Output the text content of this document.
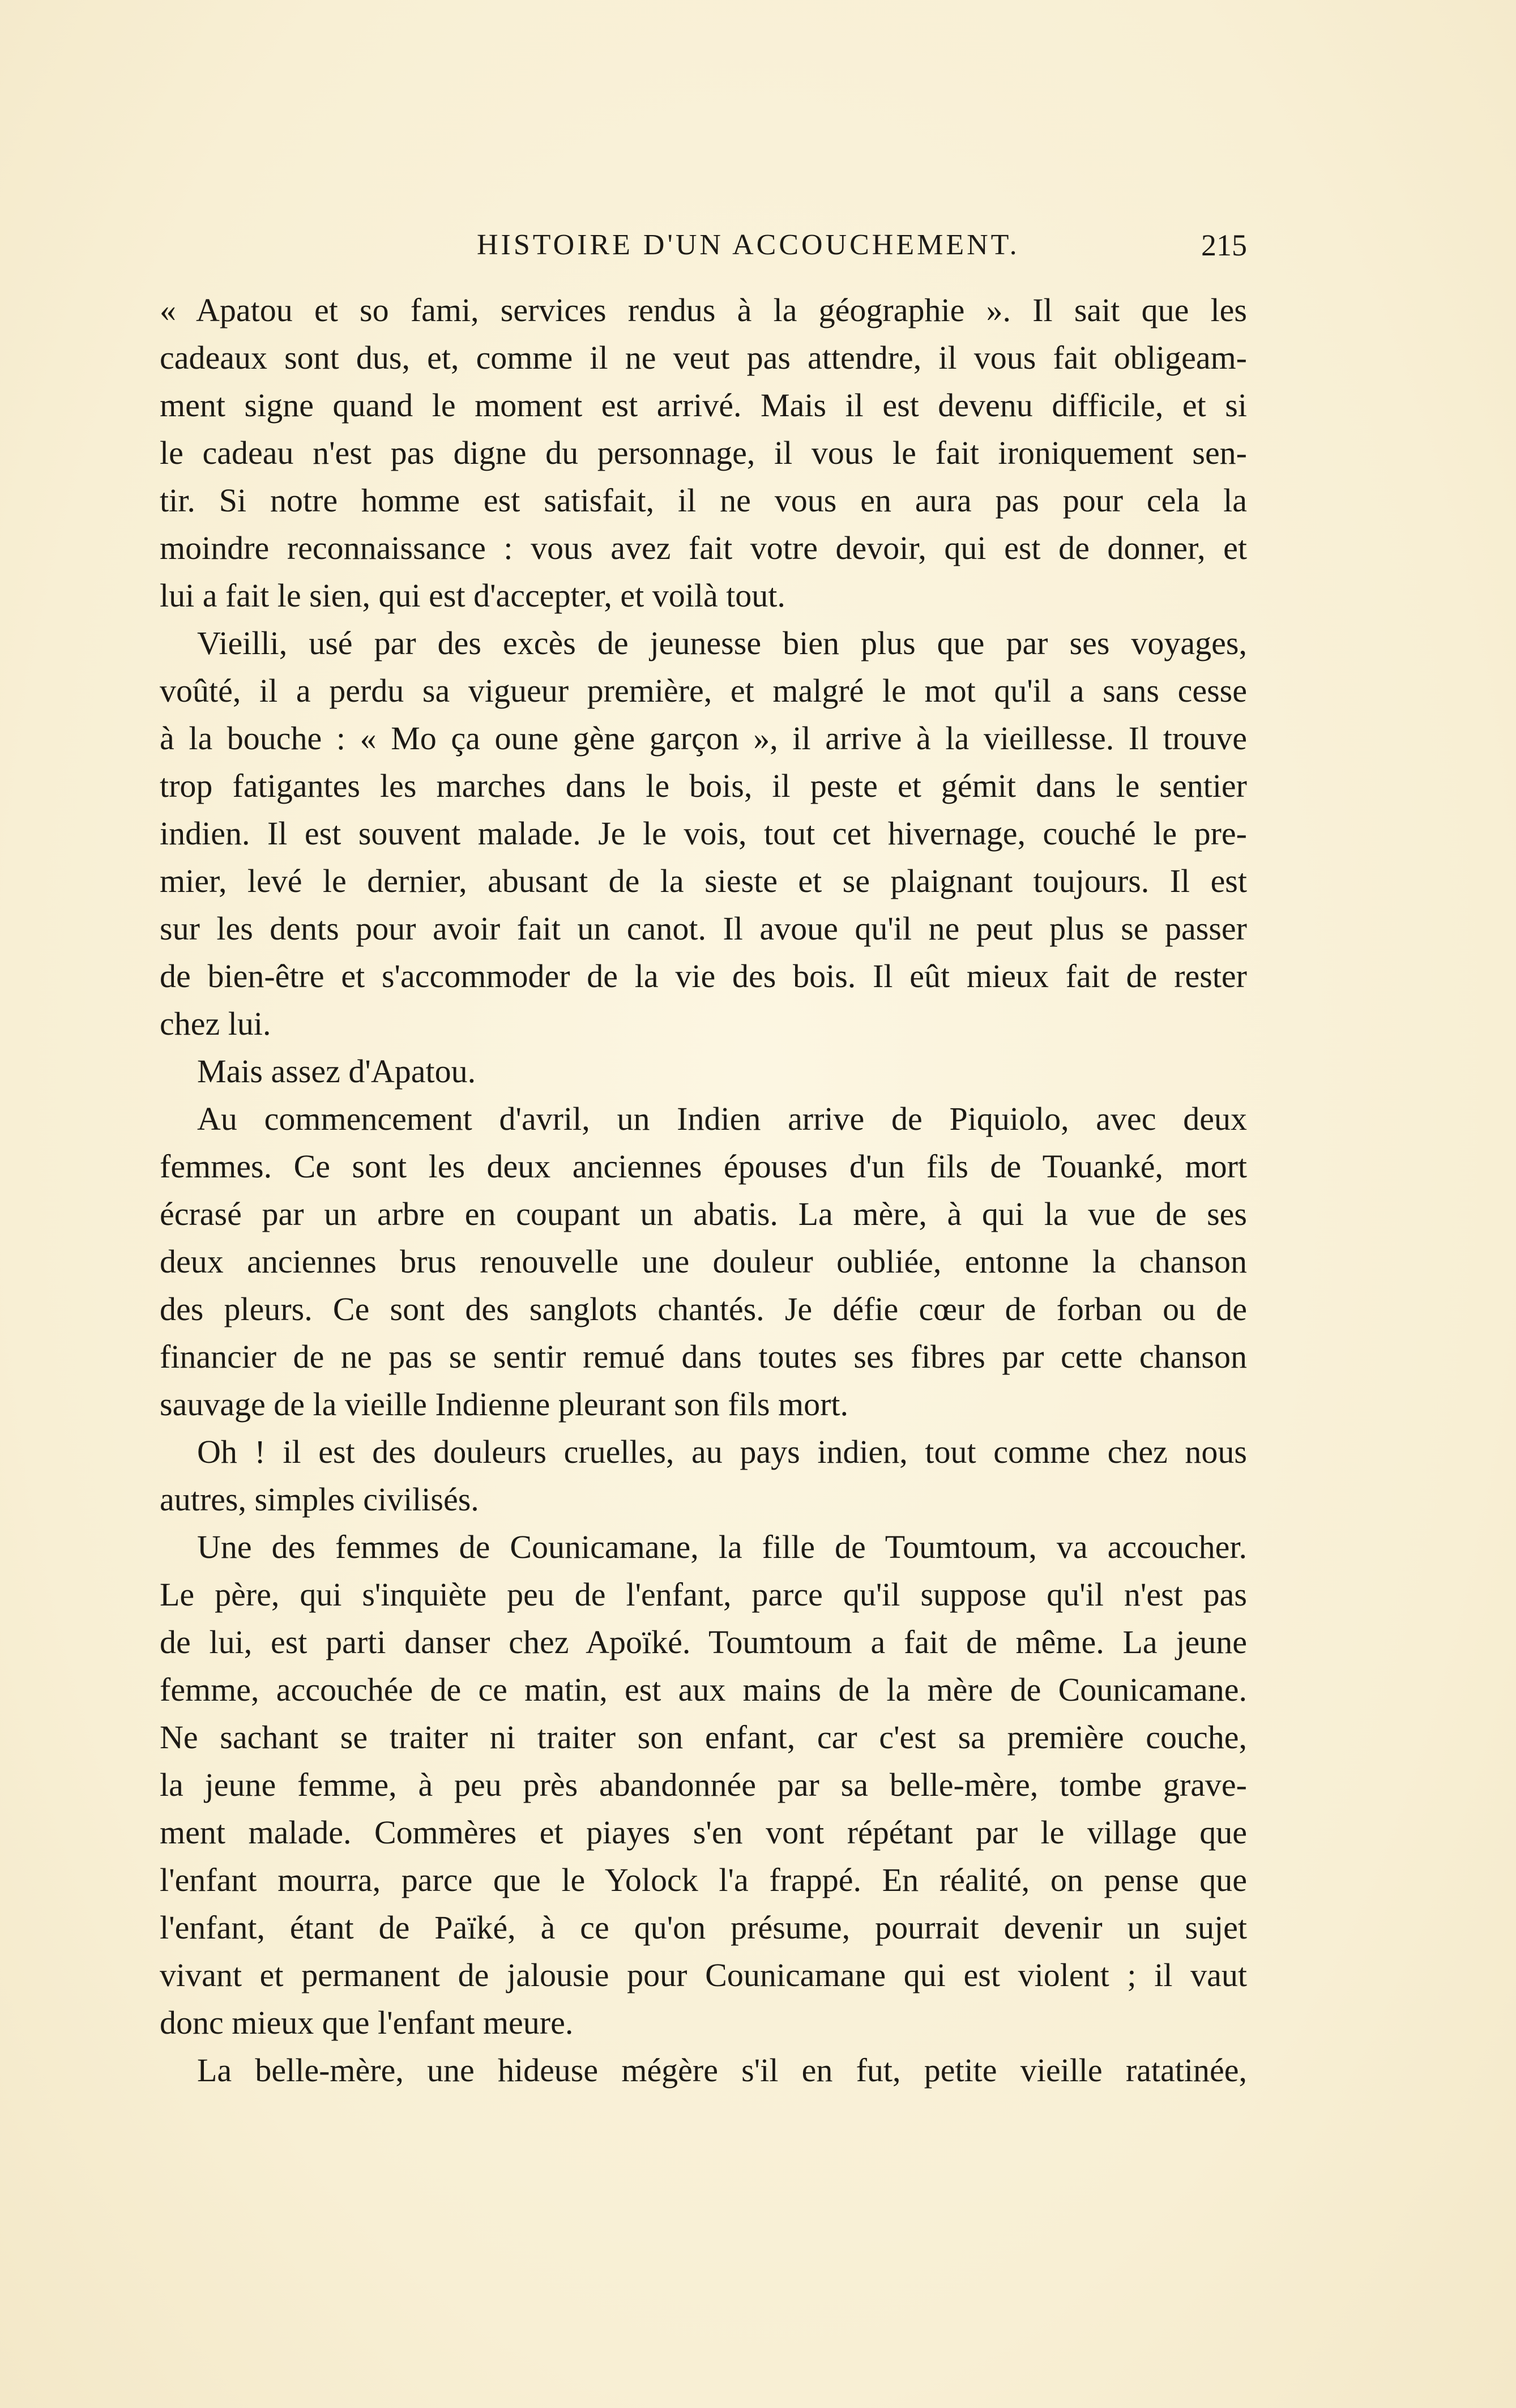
HISTOIRE D'UN ACCOUCHEMENT.	215

« Apatou et so fami, services rendus à la géographie ». Il sait que les

cadeaux sont dus, et, comme il ne veut pas attendre, il vous fait obligeam-

ment signe quand le moment est arrivé. Mais il est devenu difficile, et si

le cadeau n'est pas digne du personnage, il vous le fait ironiquement sen-

tir. Si notre homme est satisfait, il ne vous en aura pas pour cela la

moindre reconnaissance : vous avez fait votre devoir, qui est de donner, et

lui a fait le sien, qui est d'accepter, et voilà tout.

Vieilli, usé par des excès de jeunesse bien plus que par ses voyages,

voûté, il a perdu sa vigueur première, et malgré le mot qu'il a sans cesse

à la bouche : « Mo ça oune gène garçon », il arrive à la vieillesse. Il trouve

trop fatigantes les marches dans le bois, il peste et gémit dans le sentier

indien. Il est souvent malade. Je le vois, tout cet hivernage, couché le pre-

mier, levé le dernier, abusant de la sieste et se plaignant toujours. Il est

sur les dents pour avoir fait un canot. Il avoue qu'il ne peut plus se passer

de bien-être et s'accommoder de la vie des bois. Il eût mieux fait de rester

chez lui.

Mais assez d'Apatou.

Au commencement d'avril, un Indien arrive de Piquiolo, avec deux

femmes. Ce sont les deux anciennes épouses d'un fils de Touanké, mort

écrasé par un arbre en coupant un abatis. La mère, à qui la vue de ses

deux anciennes brus renouvelle une douleur oubliée, entonne la chanson

des pleurs. Ce sont des sanglots chantés. Je défie cœur de forban ou de

financier de ne pas se sentir remué dans toutes ses fibres par cette chanson

sauvage de la vieille Indienne pleurant son fils mort.

Oh ! il est des douleurs cruelles, au pays indien, tout comme chez nous

autres, simples civilisés.

Une des femmes de Counicamane, la fille de Toumtoum, va accoucher.

Le père, qui s'inquiète peu de l'enfant, parce qu'il suppose qu'il n'est pas

de lui, est parti danser chez Apoïké. Toumtoum a fait de même. La jeune

femme, accouchée de ce matin, est aux mains de la mère de Counicamane.

Ne sachant se traiter ni traiter son enfant, car c'est sa première couche,

la jeune femme, à peu près abandonnée par sa belle-mère, tombe grave-

ment malade. Commères et piayes s'en vont répétant par le village que

l'enfant mourra, parce que le Yolock l'a frappé. En réalité, on pense que

l'enfant, étant de Païké, à ce qu'on présume, pourrait devenir un sujet

vivant et permanent de jalousie pour Counicamane qui est violent ; il vaut

donc mieux que l'enfant meure.

La belle-mère, une hideuse mégère s'il en fut, petite vieille ratatinée,
